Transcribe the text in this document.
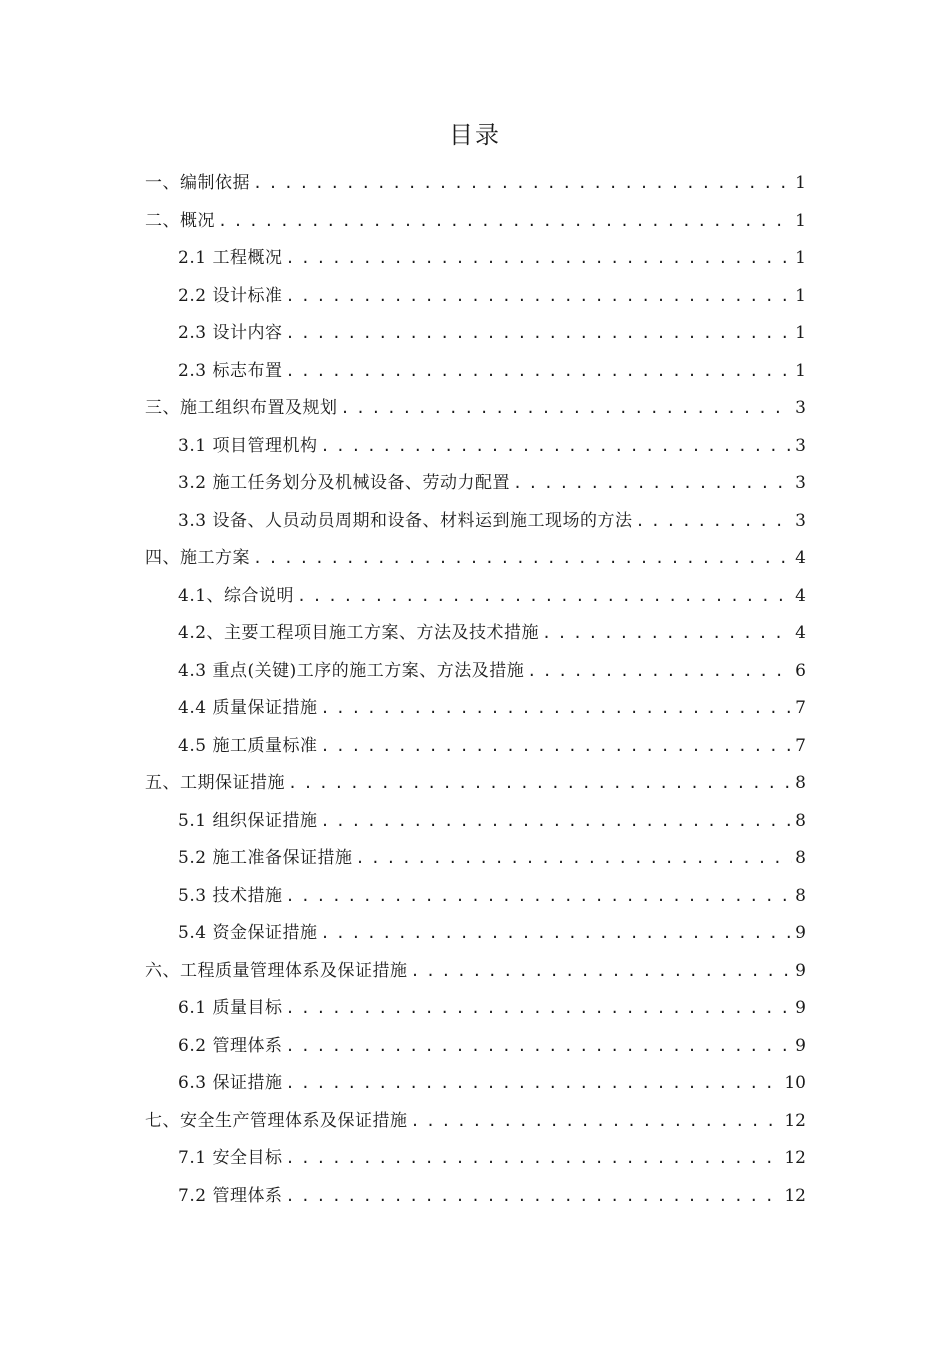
目录
一、编制依据 . . .	1
二、概况 . . .	1
2.1 工程概况 . . .	1
2.2 设计标准 . . .	1
2.3 设计内容 . . .	1
2.3 标志布置 . . .	1
三、施工组织布置及规划 . . .	3
3.1 项目管理机构 . . .	3
3.2 施工任务划分及机械设备、劳动力配置 . . .	3
3.3 设备、人员动员周期和设备、材料运到施工现场的方法 . . .	3
四、施工方案 . . .	4
4.1、综合说明 . . .	4
4.2、主要工程项目施工方案、方法及技术措施 . . .	4
4.3 重点(关键)工序的施工方案、方法及措施 . . .	6
4.4 质量保证措施 . . .	7
4.5 施工质量标准 . . .	7
五、工期保证措施 . . .	8
5.1 组织保证措施 . . .	8
5.2 施工准备保证措施 . . .	8
5.3 技术措施 . . .	8
5.4 资金保证措施 . . .	9
六、工程质量管理体系及保证措施 . . .	9
6.1 质量目标 . . .	9
6.2 管理体系 . . .	9
6.3 保证措施 . . .	10
七、安全生产管理体系及保证措施 . . .	12
7.1 安全目标 . . .	12
7.2 管理体系 . . .	12
